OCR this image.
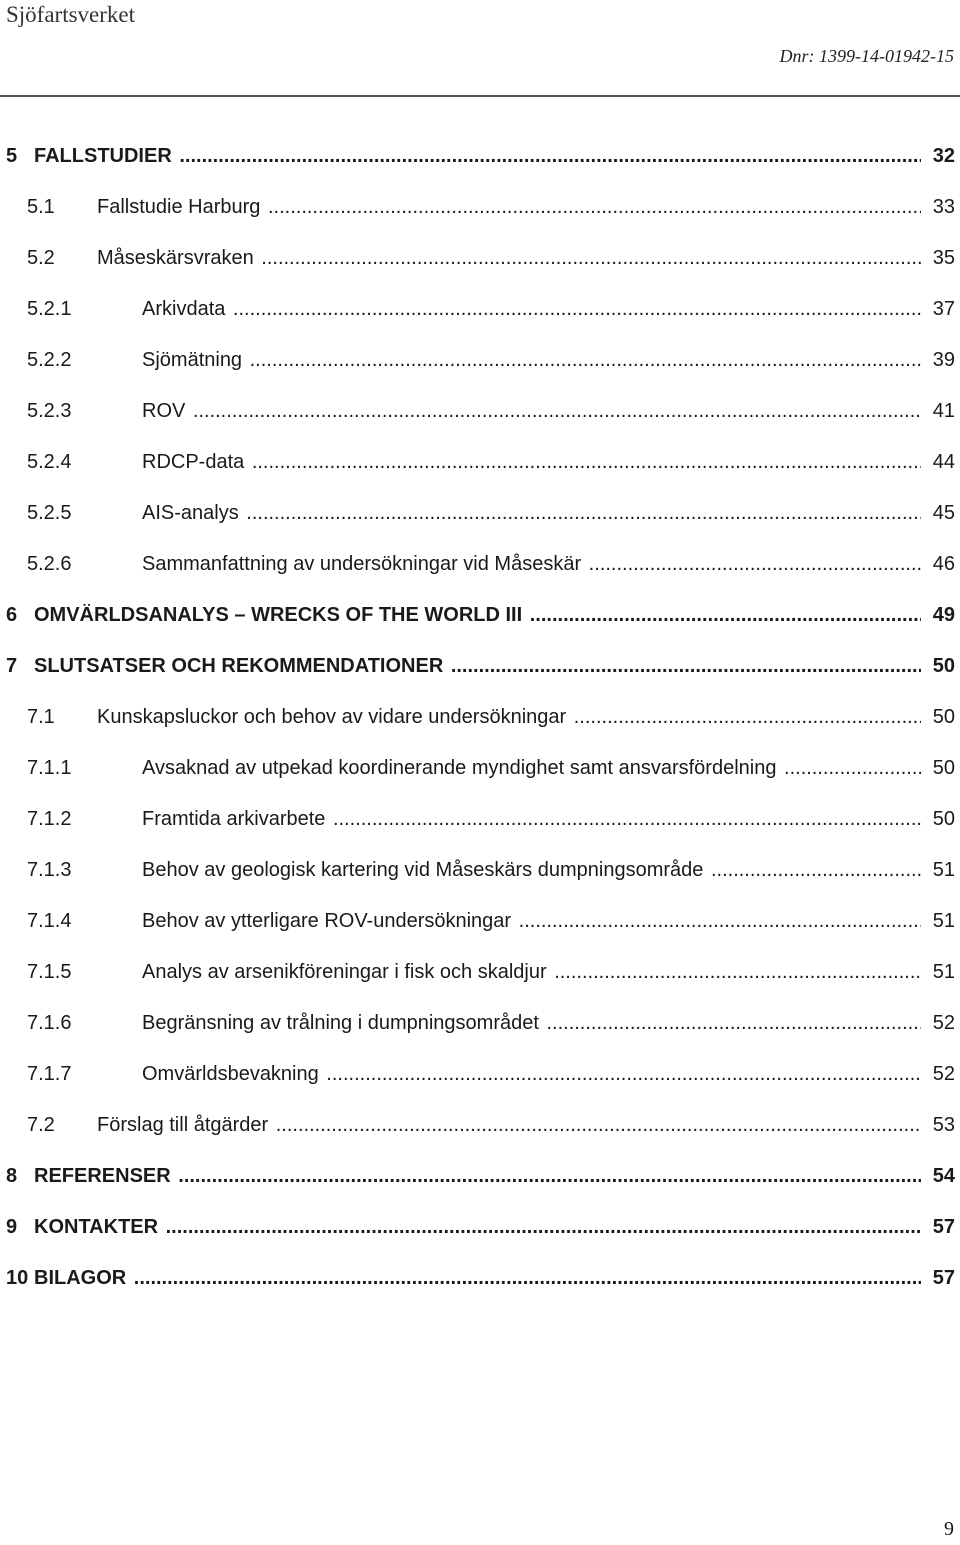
Sjöfartsverket
Dnr: 1399-14-01942-15
5 FALLSTUDIER .....	32
5.1 Fallstudie Harburg .....	33
5.2 Måseskärsvraken .....	35
5.2.1	Arkivdata .....	37
5.2.2	Sjömätning .....	39
5.2.3	ROV .....	41
5.2.4	RDCP-data .....	44
5.2.5	AIS-analys .....	45
5.2.6	Sammanfattning av undersökningar vid Måseskär .....	46
6 OMVÄRLDSANALYS – WRECKS OF THE WORLD III .....	49
7 SLUTSATSER OCH REKOMMENDATIONER .....	50
7.1 Kunskapsluckor och behov av vidare undersökningar .....	50
7.1.1	Avsaknad av utpekad koordinerande myndighet samt ansvarsfördelning .....	50
7.1.2	Framtida arkivarbete .....	50
7.1.3	Behov av geologisk kartering vid Måseskärs dumpningsområde .....	51
7.1.4	Behov av ytterligare ROV-undersökningar .....	51
7.1.5	Analys av arsenikföreningar i fisk och skaldjur .....	51
7.1.6	Begränsning av trålning i dumpningsområdet .....	52
7.1.7	Omvärldsbevakning .....	52
7.2 Förslag till åtgärder .....	53
8 REFERENSER .....	54
9 KONTAKTER .....	57
10 BILAGOR .....	57
9
